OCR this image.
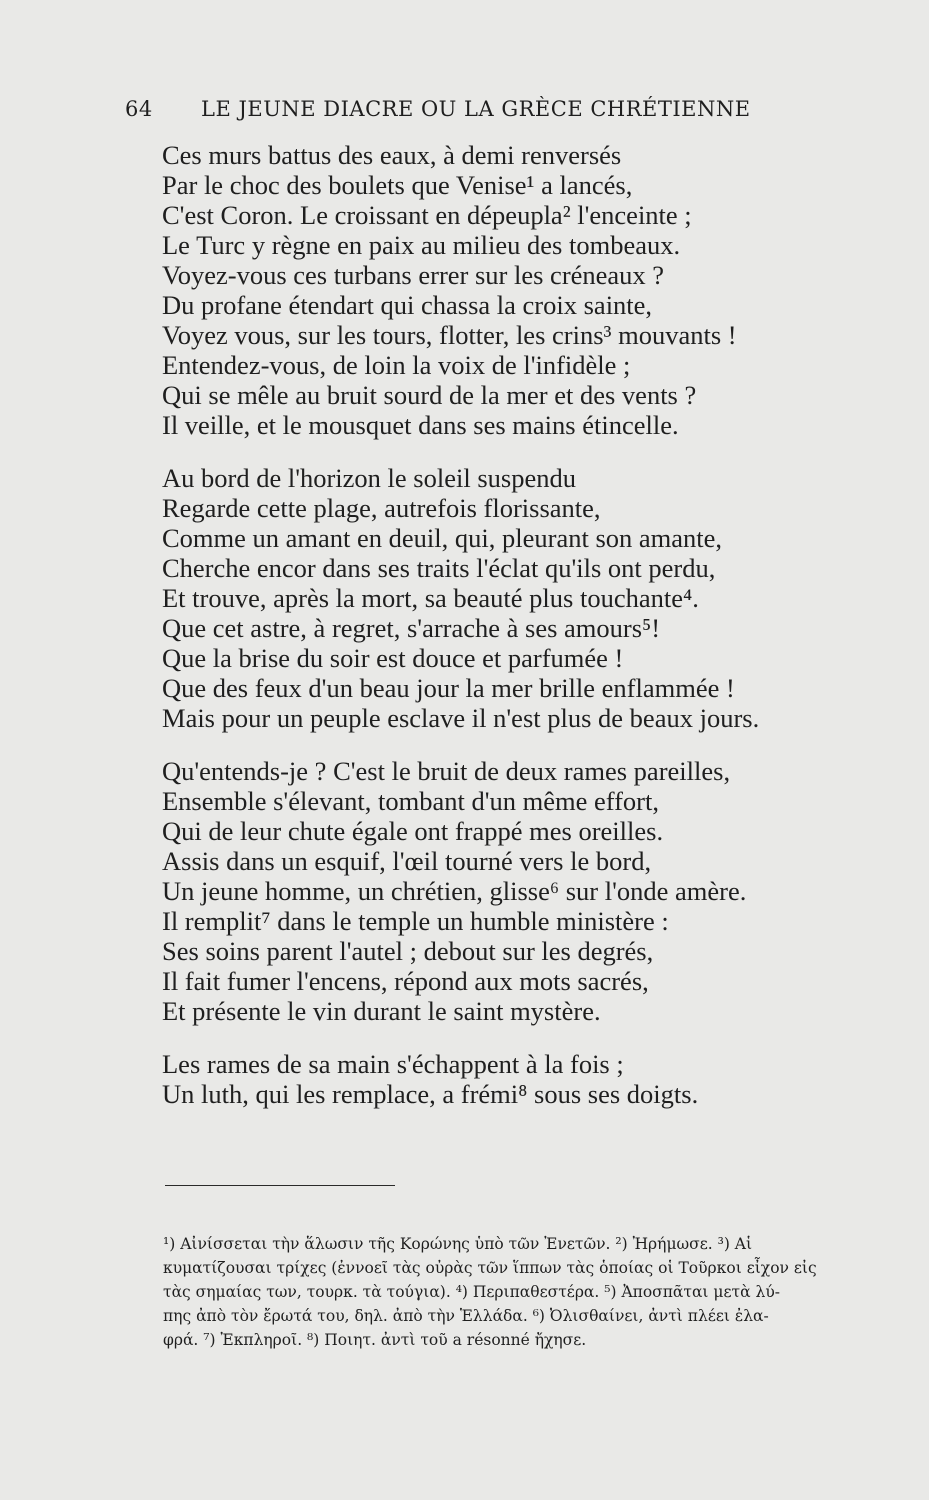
64 LE JEUNE DIACRE OU LA GRÈCE CHRÉTIENNE
Ces murs battus des eaux, à demi renversés
Par le choc des boulets que Venise¹ a lancés,
C'est Coron. Le croissant en dépeupla² l'enceinte ;
Le Turc y règne en paix au milieu des tombeaux.
Voyez-vous ces turbans errer sur les créneaux ?
Du profane étendart qui chassa la croix sainte,
Voyez vous, sur les tours, flotter, les crins³ mouvants !
Entendez-vous, de loin la voix de l'infidèle ;
Qui se mêle au bruit sourd de la mer et des vents ?
Il veille, et le mousquet dans ses mains étincelle.
Au bord de l'horizon le soleil suspendu
Regarde cette plage, autrefois florissante,
Comme un amant en deuil, qui, pleurant son amante,
Cherche encor dans ses traits l'éclat qu'ils ont perdu,
Et trouve, après la mort, sa beauté plus touchante⁴.
Que cet astre, à regret, s'arrache à ses amours⁵!
Que la brise du soir est douce et parfumée !
Que des feux d'un beau jour la mer brille enflammée !
Mais pour un peuple esclave il n'est plus de beaux jours.
Qu'entends-je ? C'est le bruit de deux rames pareilles,
Ensemble s'élevant, tombant d'un même effort,
Qui de leur chute égale ont frappé mes oreilles.
Assis dans un esquif, l'œil tourné vers le bord,
Un jeune homme, un chrétien, glisse⁶ sur l'onde amère.
Il remplit⁷ dans le temple un humble ministère :
Ses soins parent l'autel ; debout sur les degrés,
Il fait fumer l'encens, répond aux mots sacrés,
Et présente le vin durant le saint mystère.
Les rames de sa main s'échappent à la fois ;
Un luth, qui les remplace, a frémi⁸ sous ses doigts.
¹) Αἰνίσσεται τὴν ἅλωσιν τῆς Κορώνης ὑπὸ τῶν Ἐνετῶν. ²) Ἠρήμωσε. ³) Αἱ
κυματίζουσαι τρίχες (ἐννοεῖ τὰς οὐρὰς τῶν ἵππων τὰς ὁποίας οἱ Τοῦρκοι εἶχον εἰς
τὰς σημαίας των, τουρκ. τὰ τούγια). ⁴) Περιπαθεστέρα. ⁵) Ἀποσπᾶται μετὰ λύ-
πης ἀπὸ τὸν ἔρωτά του, δηλ. ἀπὸ τὴν Ἑλλάδα. ⁶) Ὀλισθαίνει, ἀντὶ πλέει ἐλα-
φρά. ⁷) Ἐκπληροῖ. ⁸) Ποιητ. ἀντὶ τοῦ a résonné ἤχησε.
